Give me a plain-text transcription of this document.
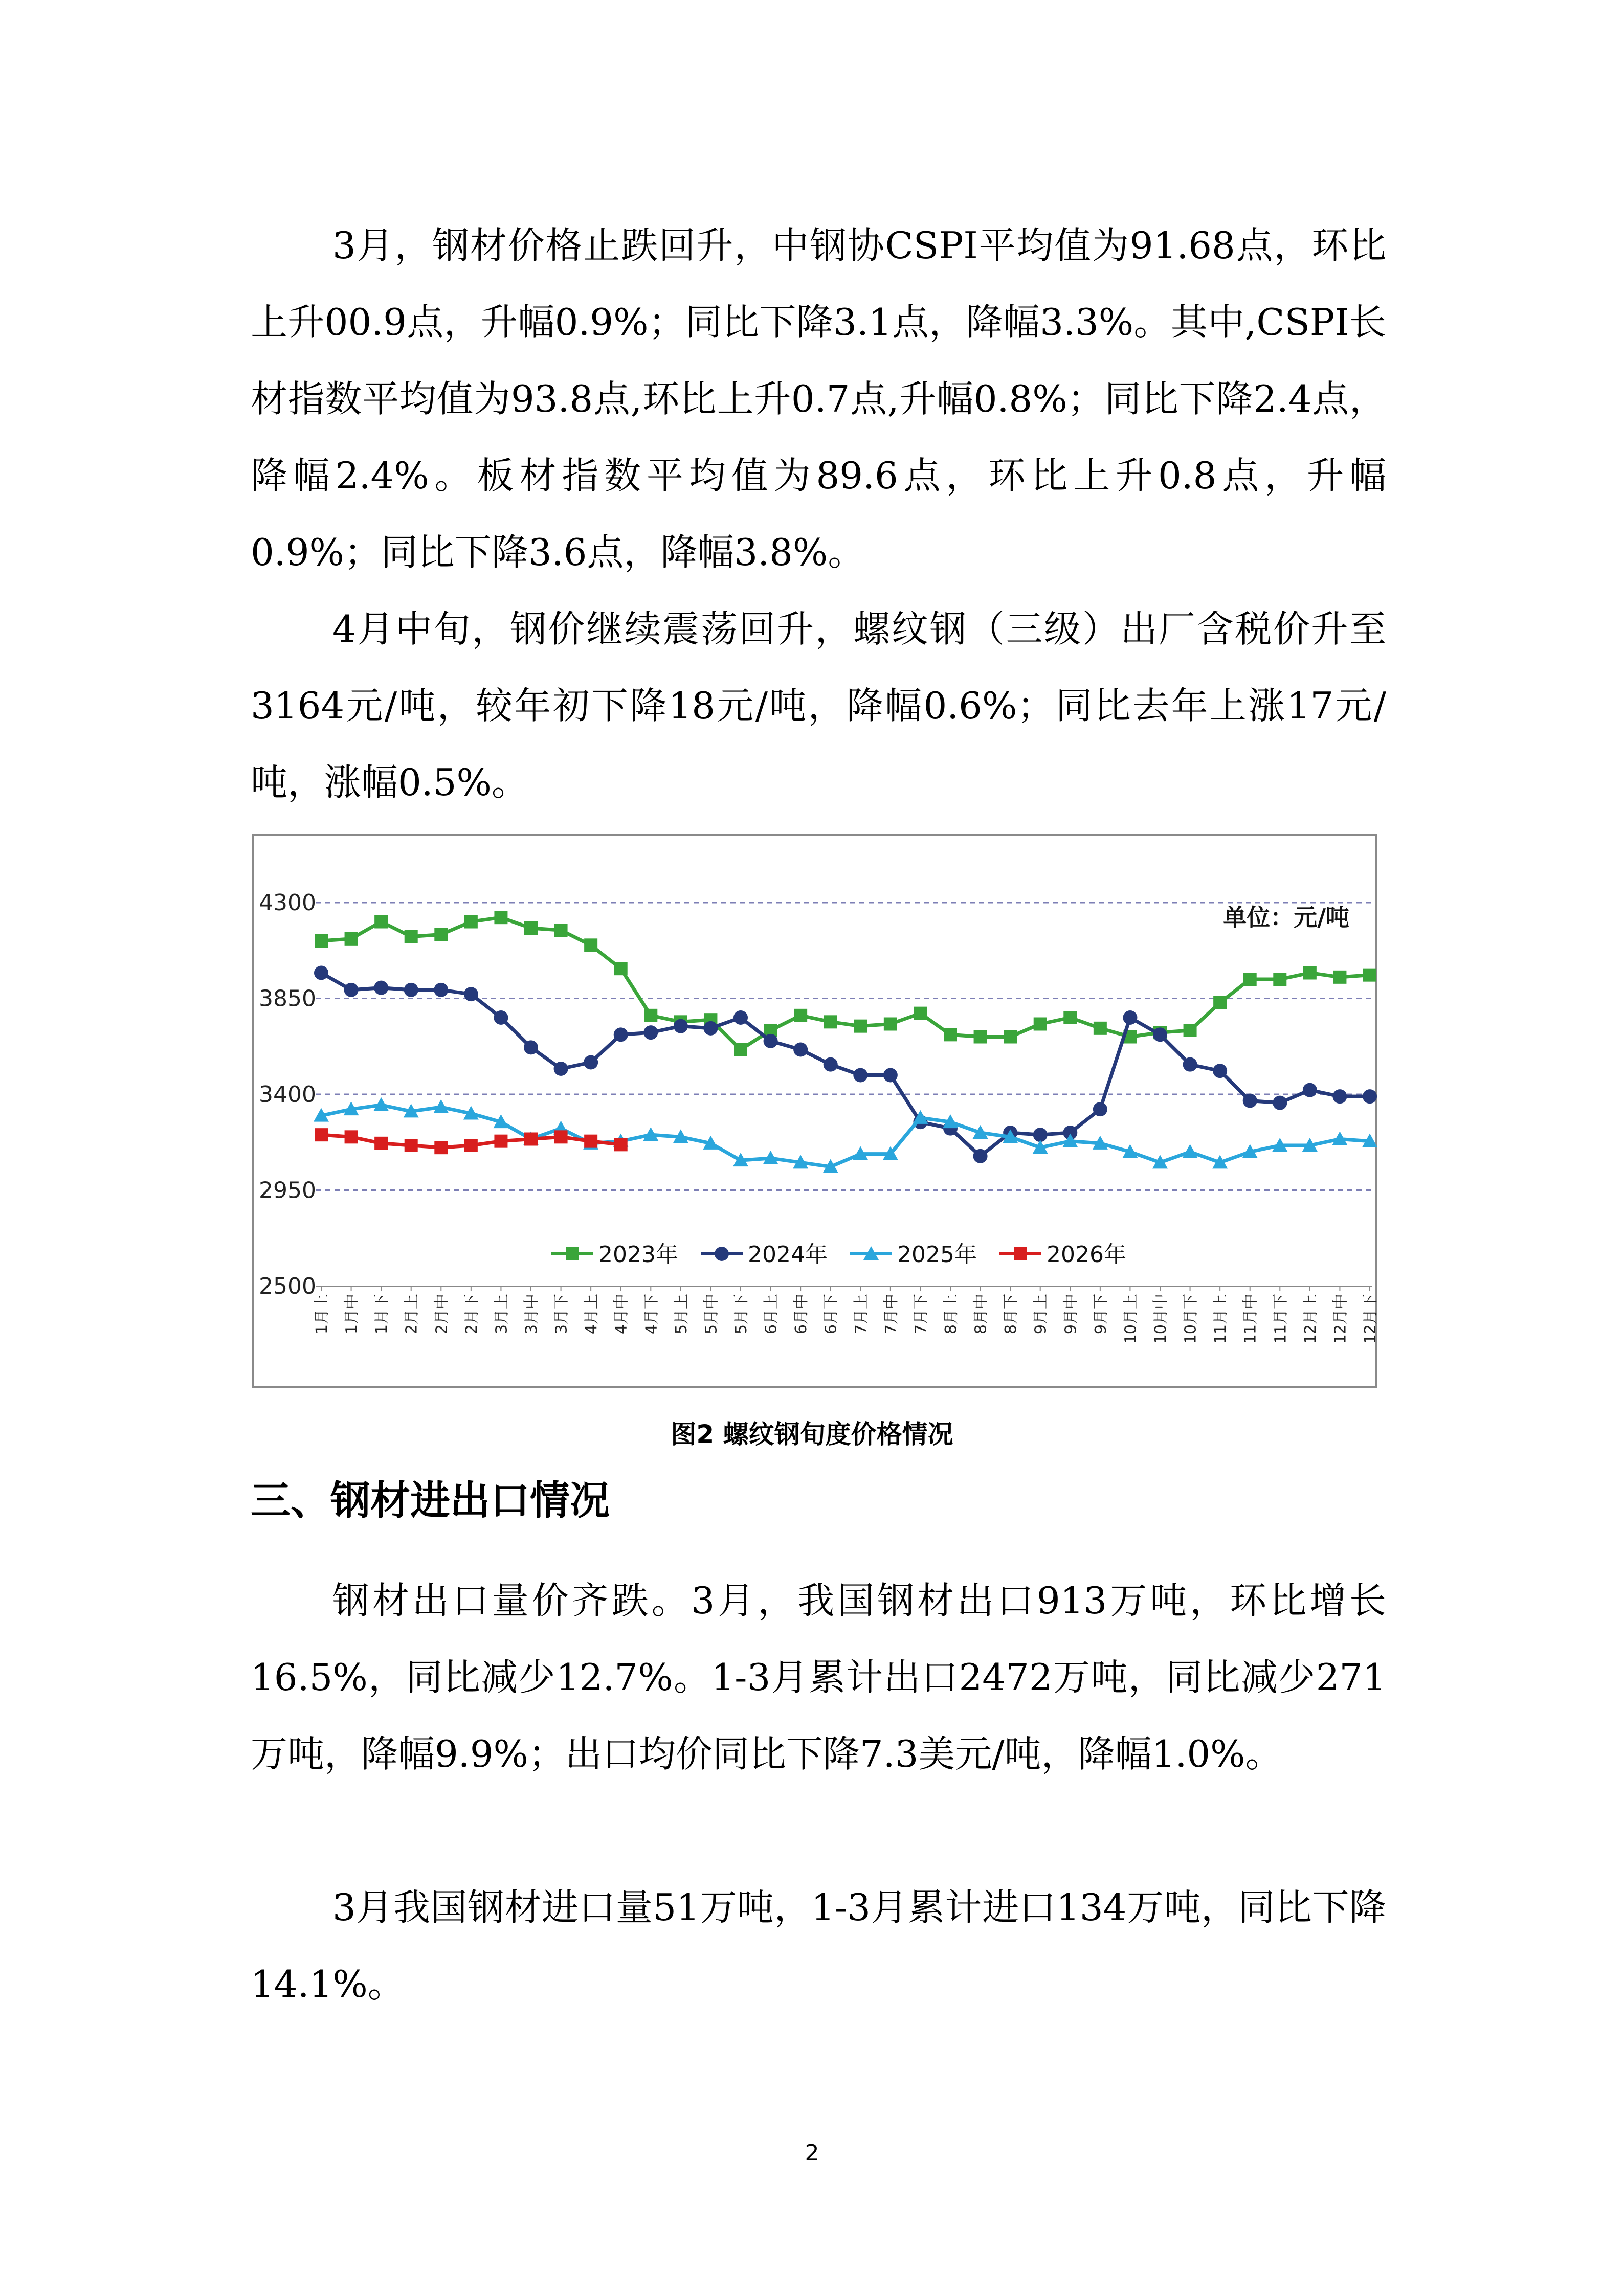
3月，钢材价格止跌回升，中钢协CSPI平均值为91.68点，环比上升00.9点，升幅0.9%；同比下降3.1点，降幅3.3%。其中,CSPI长材指数平均值为93.8点,环比上升0.7点,升幅0.8%；同比下降2.4点，降幅2.4%。板材指数平均值为89.6点，环比上升0.8点，升幅0.9%；同比下降3.6点，降幅3.8%。

4月中旬，钢价继续震荡回升，螺纹钢（三级）出厂含税价升至3164元/吨，较年初下降18元/吨，降幅0.6%；同比去年上涨17元/吨，涨幅0.5%。

4300
3850
3400
2950
2500
1月上 1月中 1月下 2月上 2月中 2月下 3月上 3月中 3月下 4月上 4月中 4月下 5月上 5月中 5月下 6月上 6月中 6月下 7月上 7月中 7月下 8月上 8月中 8月下 9月上 9月中 9月下 10月上 10月中 10月下 11月上 11月中 11月下 12月上 12月中 12月下
单位：元/吨
2023年	2024年	2025年	2026年
图2 螺纹钢旬度价格情况
三、钢材进出口情况

钢材出口量价齐跌。3月，我国钢材出口913万吨，环比增长16.5%，同比减少12.7%。1-3月累计出口2472万吨，同比减少271万吨，降幅9.9%；出口均价同比下降7.3美元/吨，降幅1.0%。

3月我国钢材进口量51万吨，1-3月累计进口134万吨，同比下降14.1%。

2
